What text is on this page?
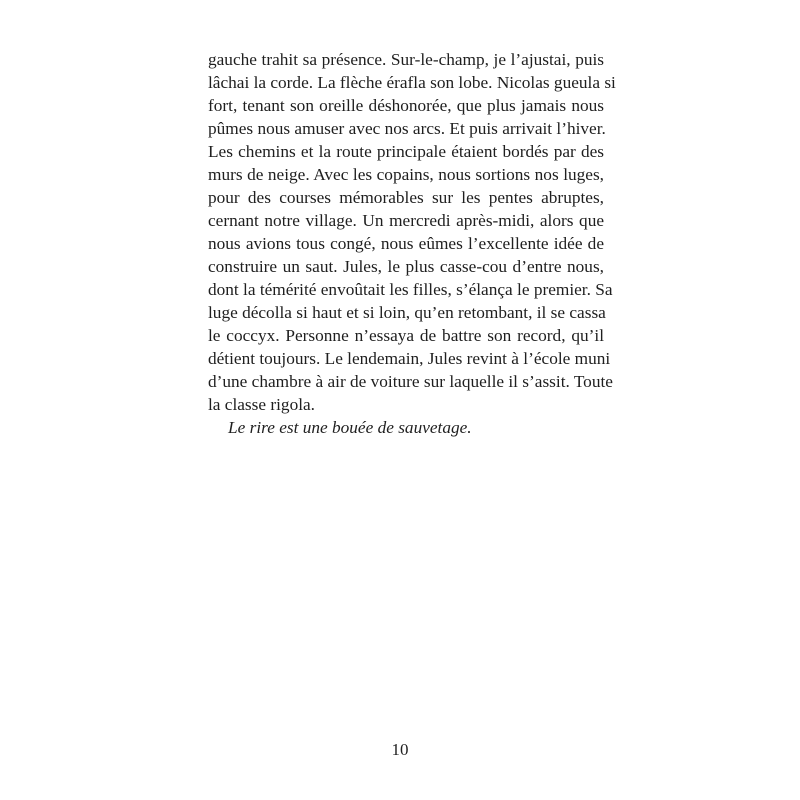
gauche trahit sa présence. Sur-le-champ, je l’ajustai, puis
lâchai la corde. La flèche érafla son lobe. Nicolas gueula si
fort, tenant son oreille déshonorée, que plus jamais nous
pûmes nous amuser avec nos arcs. Et puis arrivait l’hiver.
Les chemins et la route principale étaient bordés par des
murs de neige. Avec les copains, nous sortions nos luges,
pour des courses mémorables sur les pentes abruptes,
cernant notre village. Un mercredi après-midi, alors que
nous avions tous congé, nous eûmes l’excellente idée de
construire un saut. Jules, le plus casse-cou d’entre nous,
dont la témérité envoûtait les filles, s’élança le premier. Sa
luge décolla si haut et si loin, qu’en retombant, il se cassa
le coccyx. Personne n’essaya de battre son record, qu’il
détient toujours. Le lendemain, Jules revint à l’école muni
d’une chambre à air de voiture sur laquelle il s’assit. Toute
la classe rigola.

Le rire est une bouée de sauvetage.

10
